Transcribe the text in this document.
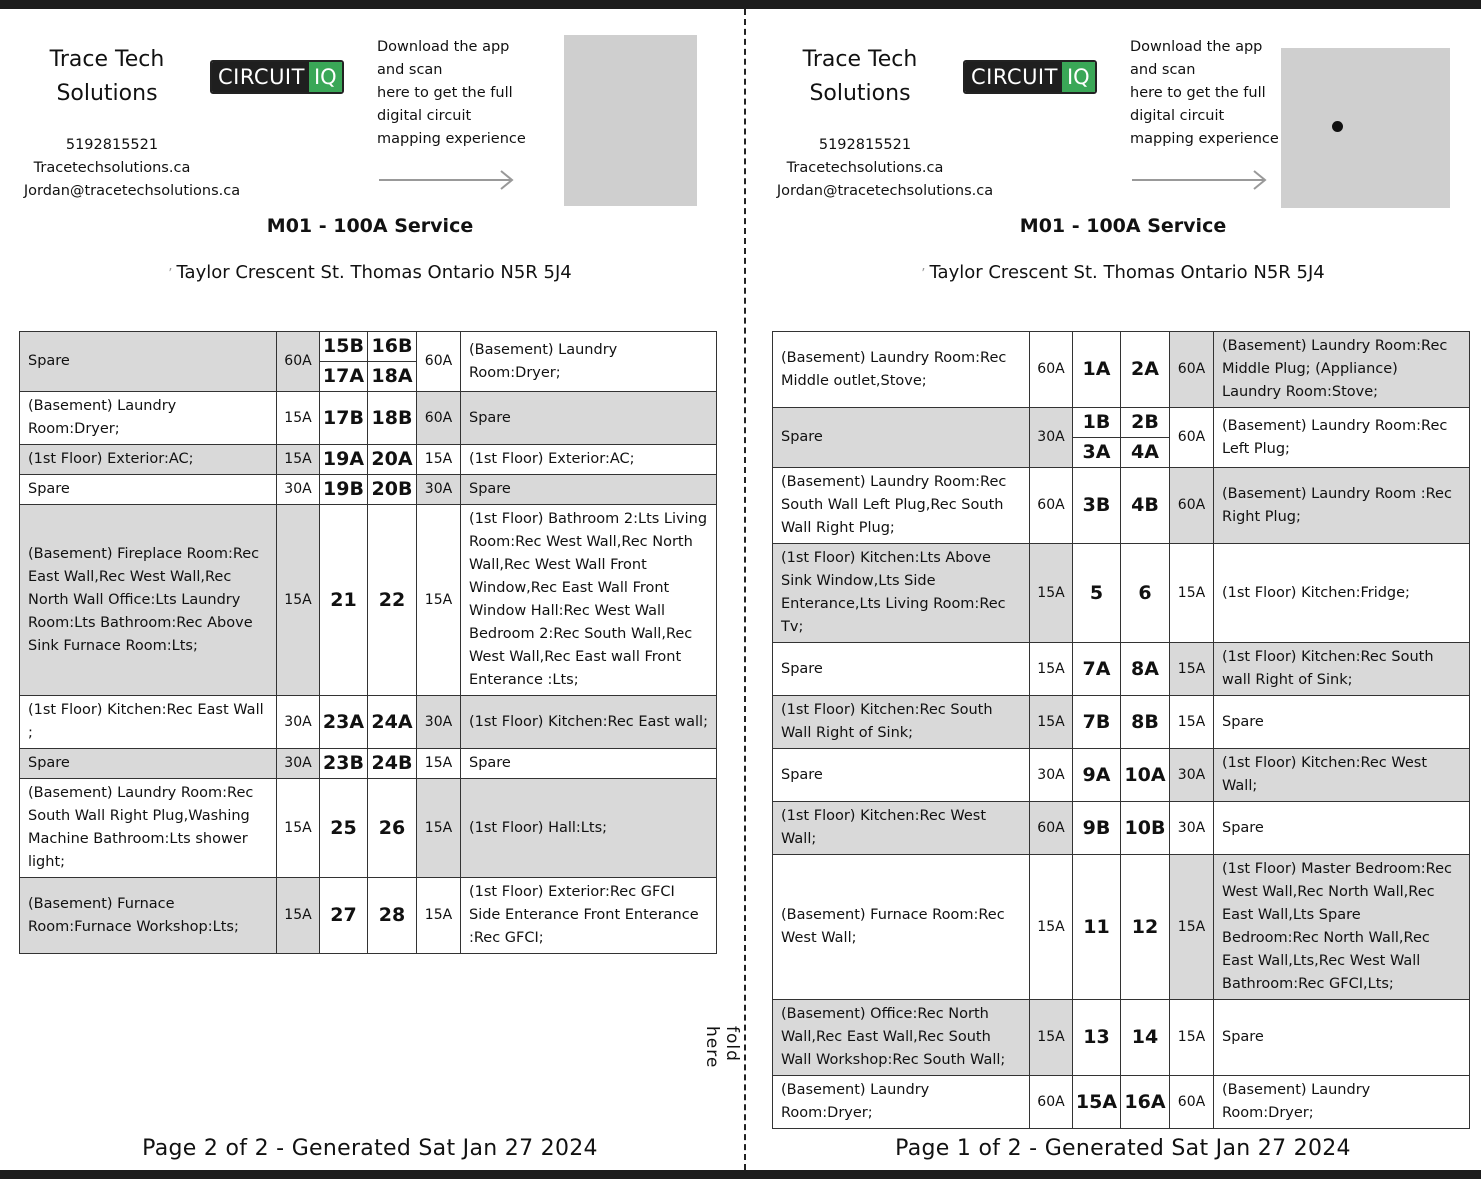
fold here
Trace Tech
Solutions
5192815521
Tracetechsolutions.ca
Jordan@tracetechsolutions.ca
CIRCUIT IQ
Download the app
and scan
here to get the full
digital circuit
mapping experience
M01 - 100A Service
’ Taylor Crescent St. Thomas Ontario N5R 5J4
Spare	60A	15B	16B	60A	(Basement) Laundry Room:Dryer;
		17A	18A		
(Basement) Laundry Room:Dryer;	15A	17B	18B	60A	Spare
(1st Floor) Exterior:AC;	15A	19A	20A	15A	(1st Floor) Exterior:AC;
Spare	30A	19B	20B	30A	Spare
(Basement) Fireplace Room:Rec East Wall,Rec West Wall,Rec North Wall Office:Lts Laundry Room:Lts Bathroom:Rec Above Sink Furnace Room:Lts;	15A	21	22	15A	(1st Floor) Bathroom 2:Lts Living Room:Rec West Wall,Rec North Wall,Rec West Wall Front Window,Rec East Wall Front Window Hall:Rec West Wall Bedroom 2:Rec South Wall,Rec West Wall,Rec East wall Front Enterance :Lts;
(1st Floor) Kitchen:Rec East Wall ;	30A	23A	24A	30A	(1st Floor) Kitchen:Rec East wall;
Spare	30A	23B	24B	15A	Spare
(Basement) Laundry Room:Rec South Wall Right Plug,Washing Machine Bathroom:Lts shower light;	15A	25	26	15A	(1st Floor) Hall:Lts;
(Basement) Furnace Room:Furnace Workshop:Lts;	15A	27	28	15A	(1st Floor) Exterior:Rec GFCI Side Enterance Front Enterance :Rec GFCI;
Page 2 of 2 - Generated Sat Jan 27 2024
Trace Tech
Solutions
5192815521
Tracetechsolutions.ca
Jordan@tracetechsolutions.ca
CIRCUIT IQ
Download the app
and scan
here to get the full
digital circuit
mapping experience
M01 - 100A Service
’ Taylor Crescent St. Thomas Ontario N5R 5J4
(Basement) Laundry Room:Rec Middle outlet,Stove;	60A	1A	2A	60A	(Basement) Laundry Room:Rec Middle Plug; (Appliance) Laundry Room:Stove;
Spare	30A	1B	2B	60A	(Basement) Laundry Room:Rec Left Plug;
		3A	4A		
(Basement) Laundry Room:Rec South Wall Left Plug,Rec South Wall Right Plug;	60A	3B	4B	60A	(Basement) Laundry Room :Rec Right Plug;
(1st Floor) Kitchen:Lts Above Sink Window,Lts Side Enterance,Lts Living Room:Rec Tv;	15A	5	6	15A	(1st Floor) Kitchen:Fridge;
Spare	15A	7A	8A	15A	(1st Floor) Kitchen:Rec South wall Right of Sink;
(1st Floor) Kitchen:Rec South Wall Right of Sink;	15A	7B	8B	15A	Spare
Spare	30A	9A	10A	30A	(1st Floor) Kitchen:Rec West Wall;
(1st Floor) Kitchen:Rec West Wall;	60A	9B	10B	30A	Spare
(Basement) Furnace Room:Rec West Wall;	15A	11	12	15A	(1st Floor) Master Bedroom:Rec West Wall,Rec North Wall,Rec East Wall,Lts Spare Bedroom:Rec North Wall,Rec East Wall,Lts,Rec West Wall Bathroom:Rec GFCI,Lts;
(Basement) Office:Rec North Wall,Rec East Wall,Rec South Wall Workshop:Rec South Wall;	15A	13	14	15A	Spare
(Basement) Laundry Room:Dryer;	60A	15A	16A	60A	(Basement) Laundry Room:Dryer;
Page 1 of 2 - Generated Sat Jan 27 2024
